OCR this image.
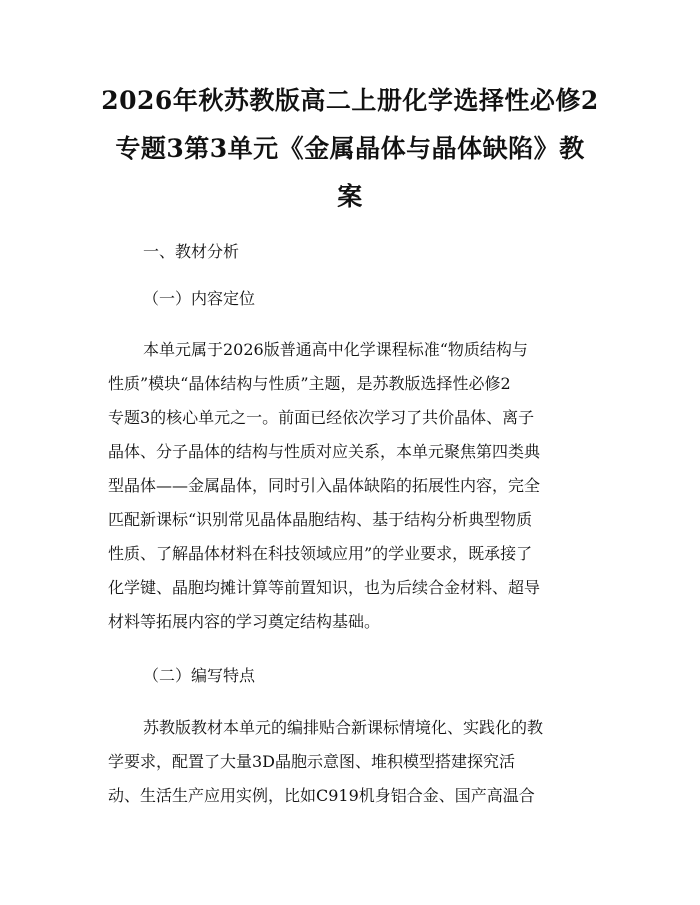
2026年秋苏教版高二上册化学选择性必修2
专题3第3单元《金属晶体与晶体缺陷》教
案
一、教材分析
（一）内容定位
本单元属于2026版普通高中化学课程标准“物质结构与
性质”模块“晶体结构与性质”主题，是苏教版选择性必修2
专题3的核心单元之一。前面已经依次学习了共价晶体、离子
晶体、分子晶体的结构与性质对应关系，本单元聚焦第四类典
型晶体——金属晶体，同时引入晶体缺陷的拓展性内容，完全
匹配新课标“识别常见晶体晶胞结构、基于结构分析典型物质
性质、了解晶体材料在科技领域应用”的学业要求，既承接了
化学键、晶胞均摊计算等前置知识，也为后续合金材料、超导
材料等拓展内容的学习奠定结构基础。
（二）编写特点
苏教版教材本单元的编排贴合新课标情境化、实践化的教
学要求，配置了大量3D晶胞示意图、堆积模型搭建探究活
动、生活生产应用实例，比如C919机身铝合金、国产高温合
